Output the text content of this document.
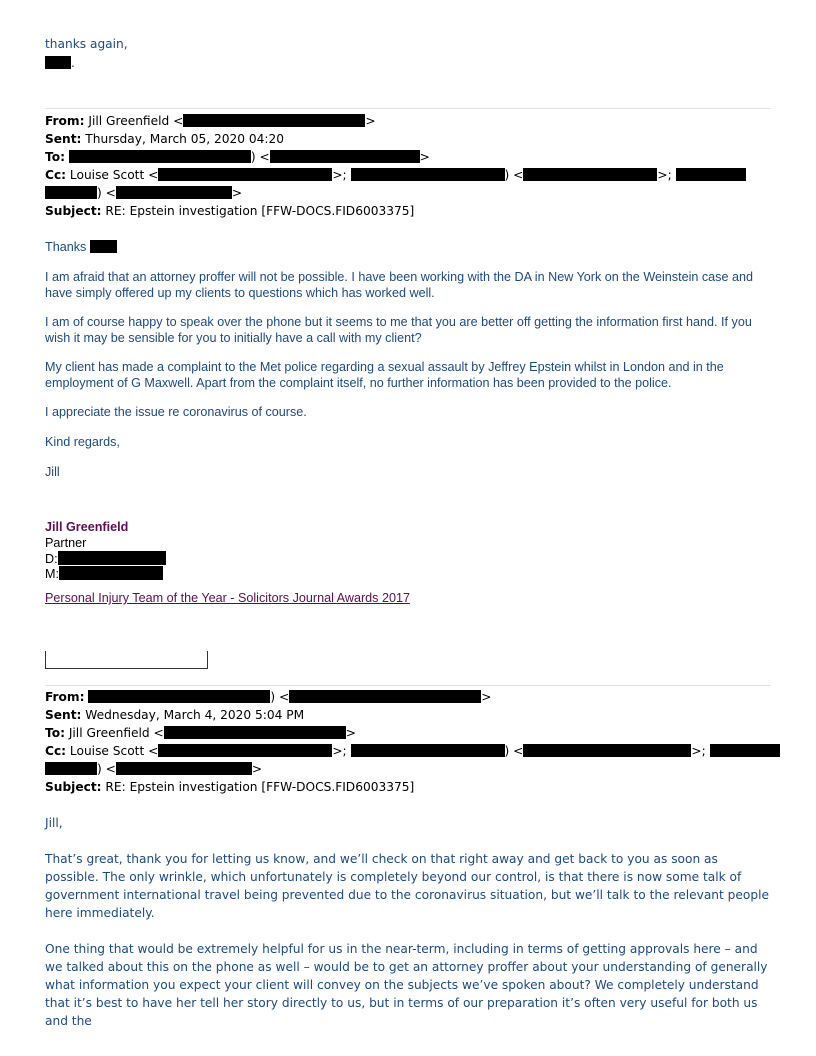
thanks again,
.
From: Jill Greenfield <	>
Sent: Thursday, March 05, 2020 04:20
To:	) <	>
Cc: Louise Scott <	>;	) <	>;
) <	>
Subject: RE: Epstein investigation [FFW-DOCS.FID6003375]
Thanks
I am afraid that an attorney proffer will not be possible. I have been working with the DA in New York on the Weinstein case and have simply offered up my clients to questions which has worked well.
I am of course happy to speak over the phone but it seems to me that you are better off getting the information first hand. If you wish it may be sensible for you to initially have a call with my client?
My client has made a complaint to the Met police regarding a sexual assault by Jeffrey Epstein whilst in London and in the employment of G Maxwell. Apart from the complaint itself, no further information has been provided to the police.
I appreciate the issue re coronavirus of course.
Kind regards,
Jill
Jill Greenfield
Partner
D:
M:
Personal Injury Team of the Year - Solicitors Journal Awards 2017
From:	) <	>
Sent: Wednesday, March 4, 2020 5:04 PM
To: Jill Greenfield <	>
Cc: Louise Scott <	>;	) <	>;
) <	>
Subject: RE: Epstein investigation [FFW-DOCS.FID6003375]
Jill,
That’s great, thank you for letting us know, and we’ll check on that right away and get back to you as soon as possible. The only wrinkle, which unfortunately is completely beyond our control, is that there is now some talk of government international travel being prevented due to the coronavirus situation, but we’ll talk to the relevant people here immediately.
One thing that would be extremely helpful for us in the near-term, including in terms of getting approvals here – and we talked about this on the phone as well – would be to get an attorney proffer about your understanding of generally what information you expect your client will convey on the subjects we’ve spoken about? We completely understand that it’s best to have her tell her story directly to us, but in terms of our preparation it’s often very useful for both us and the
